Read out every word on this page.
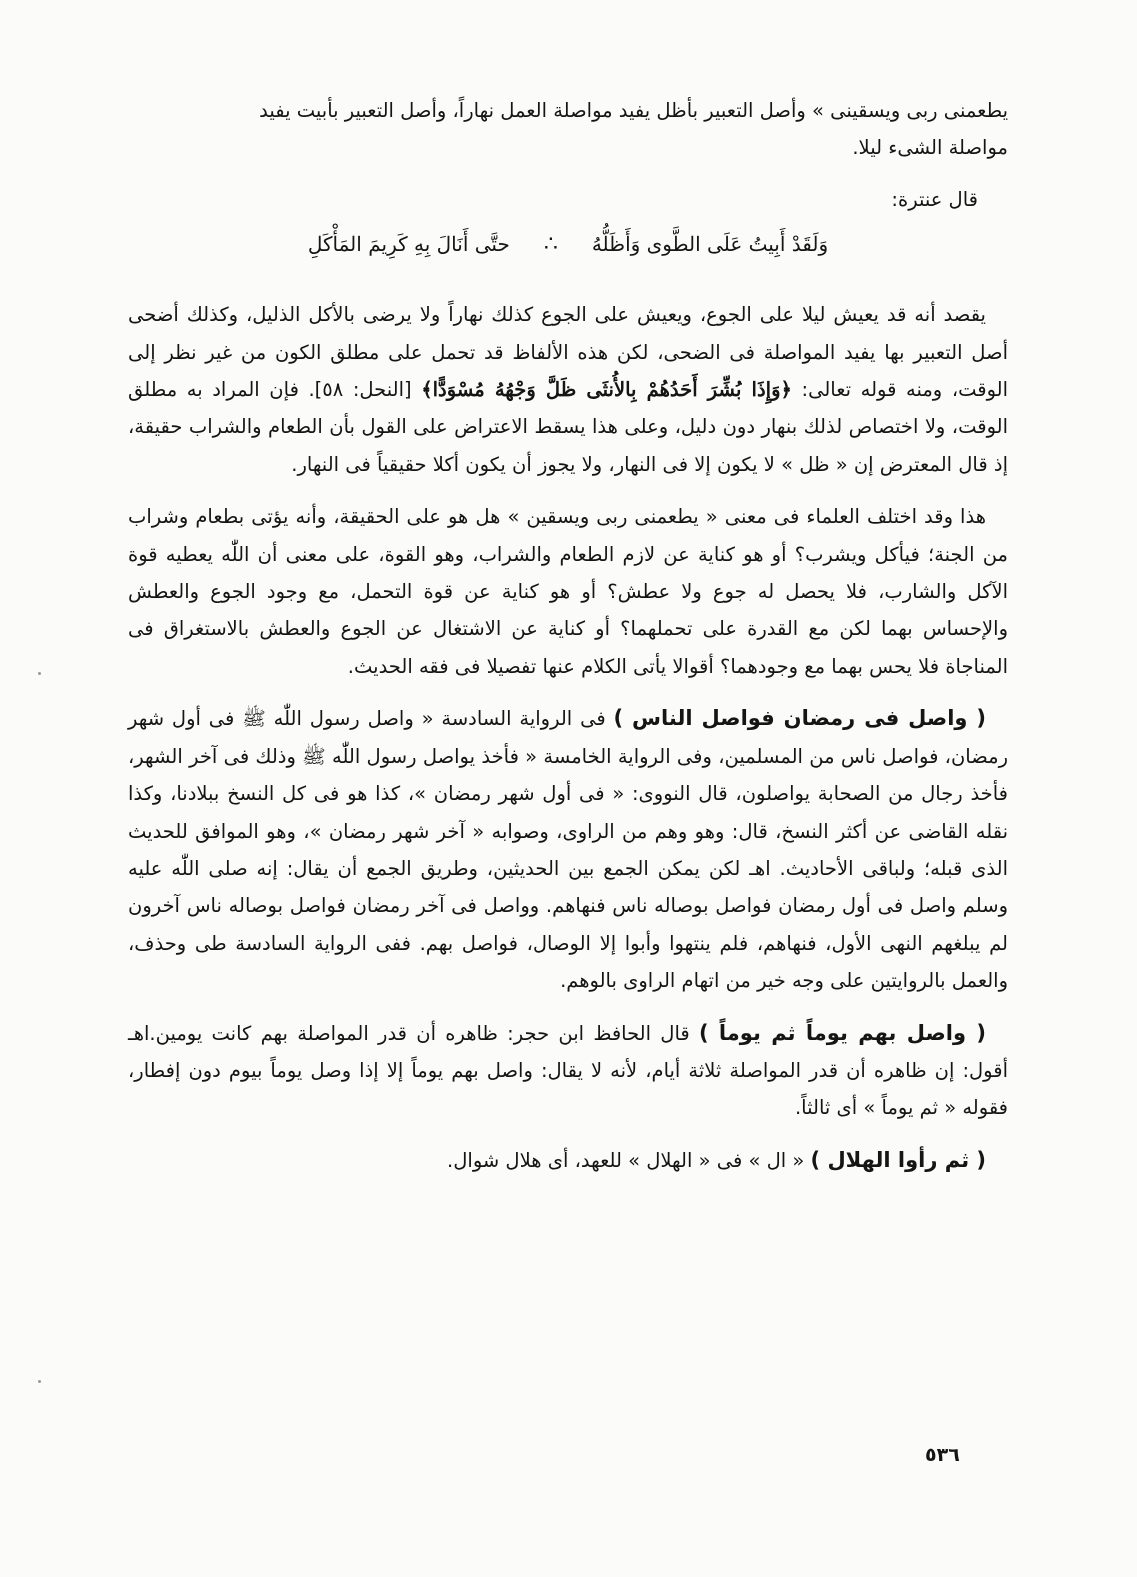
يطعمنى ربى ويسقينى » وأصل التعبير بأظل يفيد مواصلة العمل نهاراً، وأصل التعبير بأبيت يفيد
مواصلة الشىء ليلا.

قال عنترة:

وَلَقَدْ أَبِيتُ عَلَى الطَّوى وَأَظَلُّهُ
∴
حتَّى أَنَالَ بِهِ كَرِيمَ المَأْكَلِ

يقصد أنه قد يعيش ليلا على الجوع، ويعيش على الجوع كذلك نهاراً ولا يرضى بالأكل الذليل، وكذلك أضحى أصل التعبير بها يفيد المواصلة فى الضحى، لكن هذه الألفاظ قد تحمل على مطلق الكون من غير نظر إلى الوقت، ومنه قوله تعالى: ﴿وَإِذَا بُشِّرَ أَحَدُهُمْ بِالأُنثَى ظَلَّ وَجْهُهُ مُسْوَدًّا﴾ [النحل: ٥٨]. فإن المراد به مطلق الوقت، ولا اختصاص لذلك بنهار دون دليل، وعلى هذا يسقط الاعتراض على القول بأن الطعام والشراب حقيقة، إذ قال المعترض إن « ظل » لا يكون إلا فى النهار، ولا يجوز أن يكون أكلا حقيقياً فى النهار.

هذا وقد اختلف العلماء فى معنى « يطعمنى ربى ويسقين » هل هو على الحقيقة، وأنه يؤتى بطعام وشراب من الجنة؛ فيأكل ويشرب؟ أو هو كناية عن لازم الطعام والشراب، وهو القوة، على معنى أن اللّٰه يعطيه قوة الآكل والشارب، فلا يحصل له جوع ولا عطش؟ أو هو كناية عن قوة التحمل، مع وجود الجوع والعطش والإحساس بهما لكن مع القدرة على تحملهما؟ أو كناية عن الاشتغال عن الجوع والعطش بالاستغراق فى المناجاة فلا يحس بهما مع وجودهما؟ أقوالا يأتى الكلام عنها تفصيلا فى فقه الحديث.

( واصل فى رمضان فواصل الناس ) فى الرواية السادسة « واصل رسول اللّٰه ﷺ فى أول شهر رمضان، فواصل ناس من المسلمين، وفى الرواية الخامسة « فأخذ يواصل رسول اللّٰه ﷺ وذلك فى آخر الشهر، فأخذ رجال من الصحابة يواصلون، قال النووى: « فى أول شهر رمضان »، كذا هو فى كل النسخ ببلادنا، وكذا نقله القاضى عن أكثر النسخ، قال: وهو وهم من الراوى، وصوابه « آخر شهر رمضان »، وهو الموافق للحديث الذى قبله؛ ولباقى الأحاديث. اهـ لكن يمكن الجمع بين الحديثين، وطريق الجمع أن يقال: إنه صلى اللّٰه عليه وسلم واصل فى أول رمضان فواصل بوصاله ناس فنهاهم. وواصل فى آخر رمضان فواصل بوصاله ناس آخرون لم يبلغهم النهى الأول، فنهاهم، فلم ينتهوا وأبوا إلا الوصال، فواصل بهم. ففى الرواية السادسة طى وحذف، والعمل بالروايتين على وجه خير من اتهام الراوى بالوهم.

( واصل بهم يوماً ثم يوماً ) قال الحافظ ابن حجر: ظاهره أن قدر المواصلة بهم كانت يومين.اهـ أقول: إن ظاهره أن قدر المواصلة ثلاثة أيام، لأنه لا يقال: واصل بهم يوماً إلا إذا وصل يوماً بيوم دون إفطار، فقوله « ثم يوماً » أى ثالثاً.

( ثم رأوا الهلال ) « ال » فى « الهلال » للعهد، أى هلال شوال.

٥٣٦
